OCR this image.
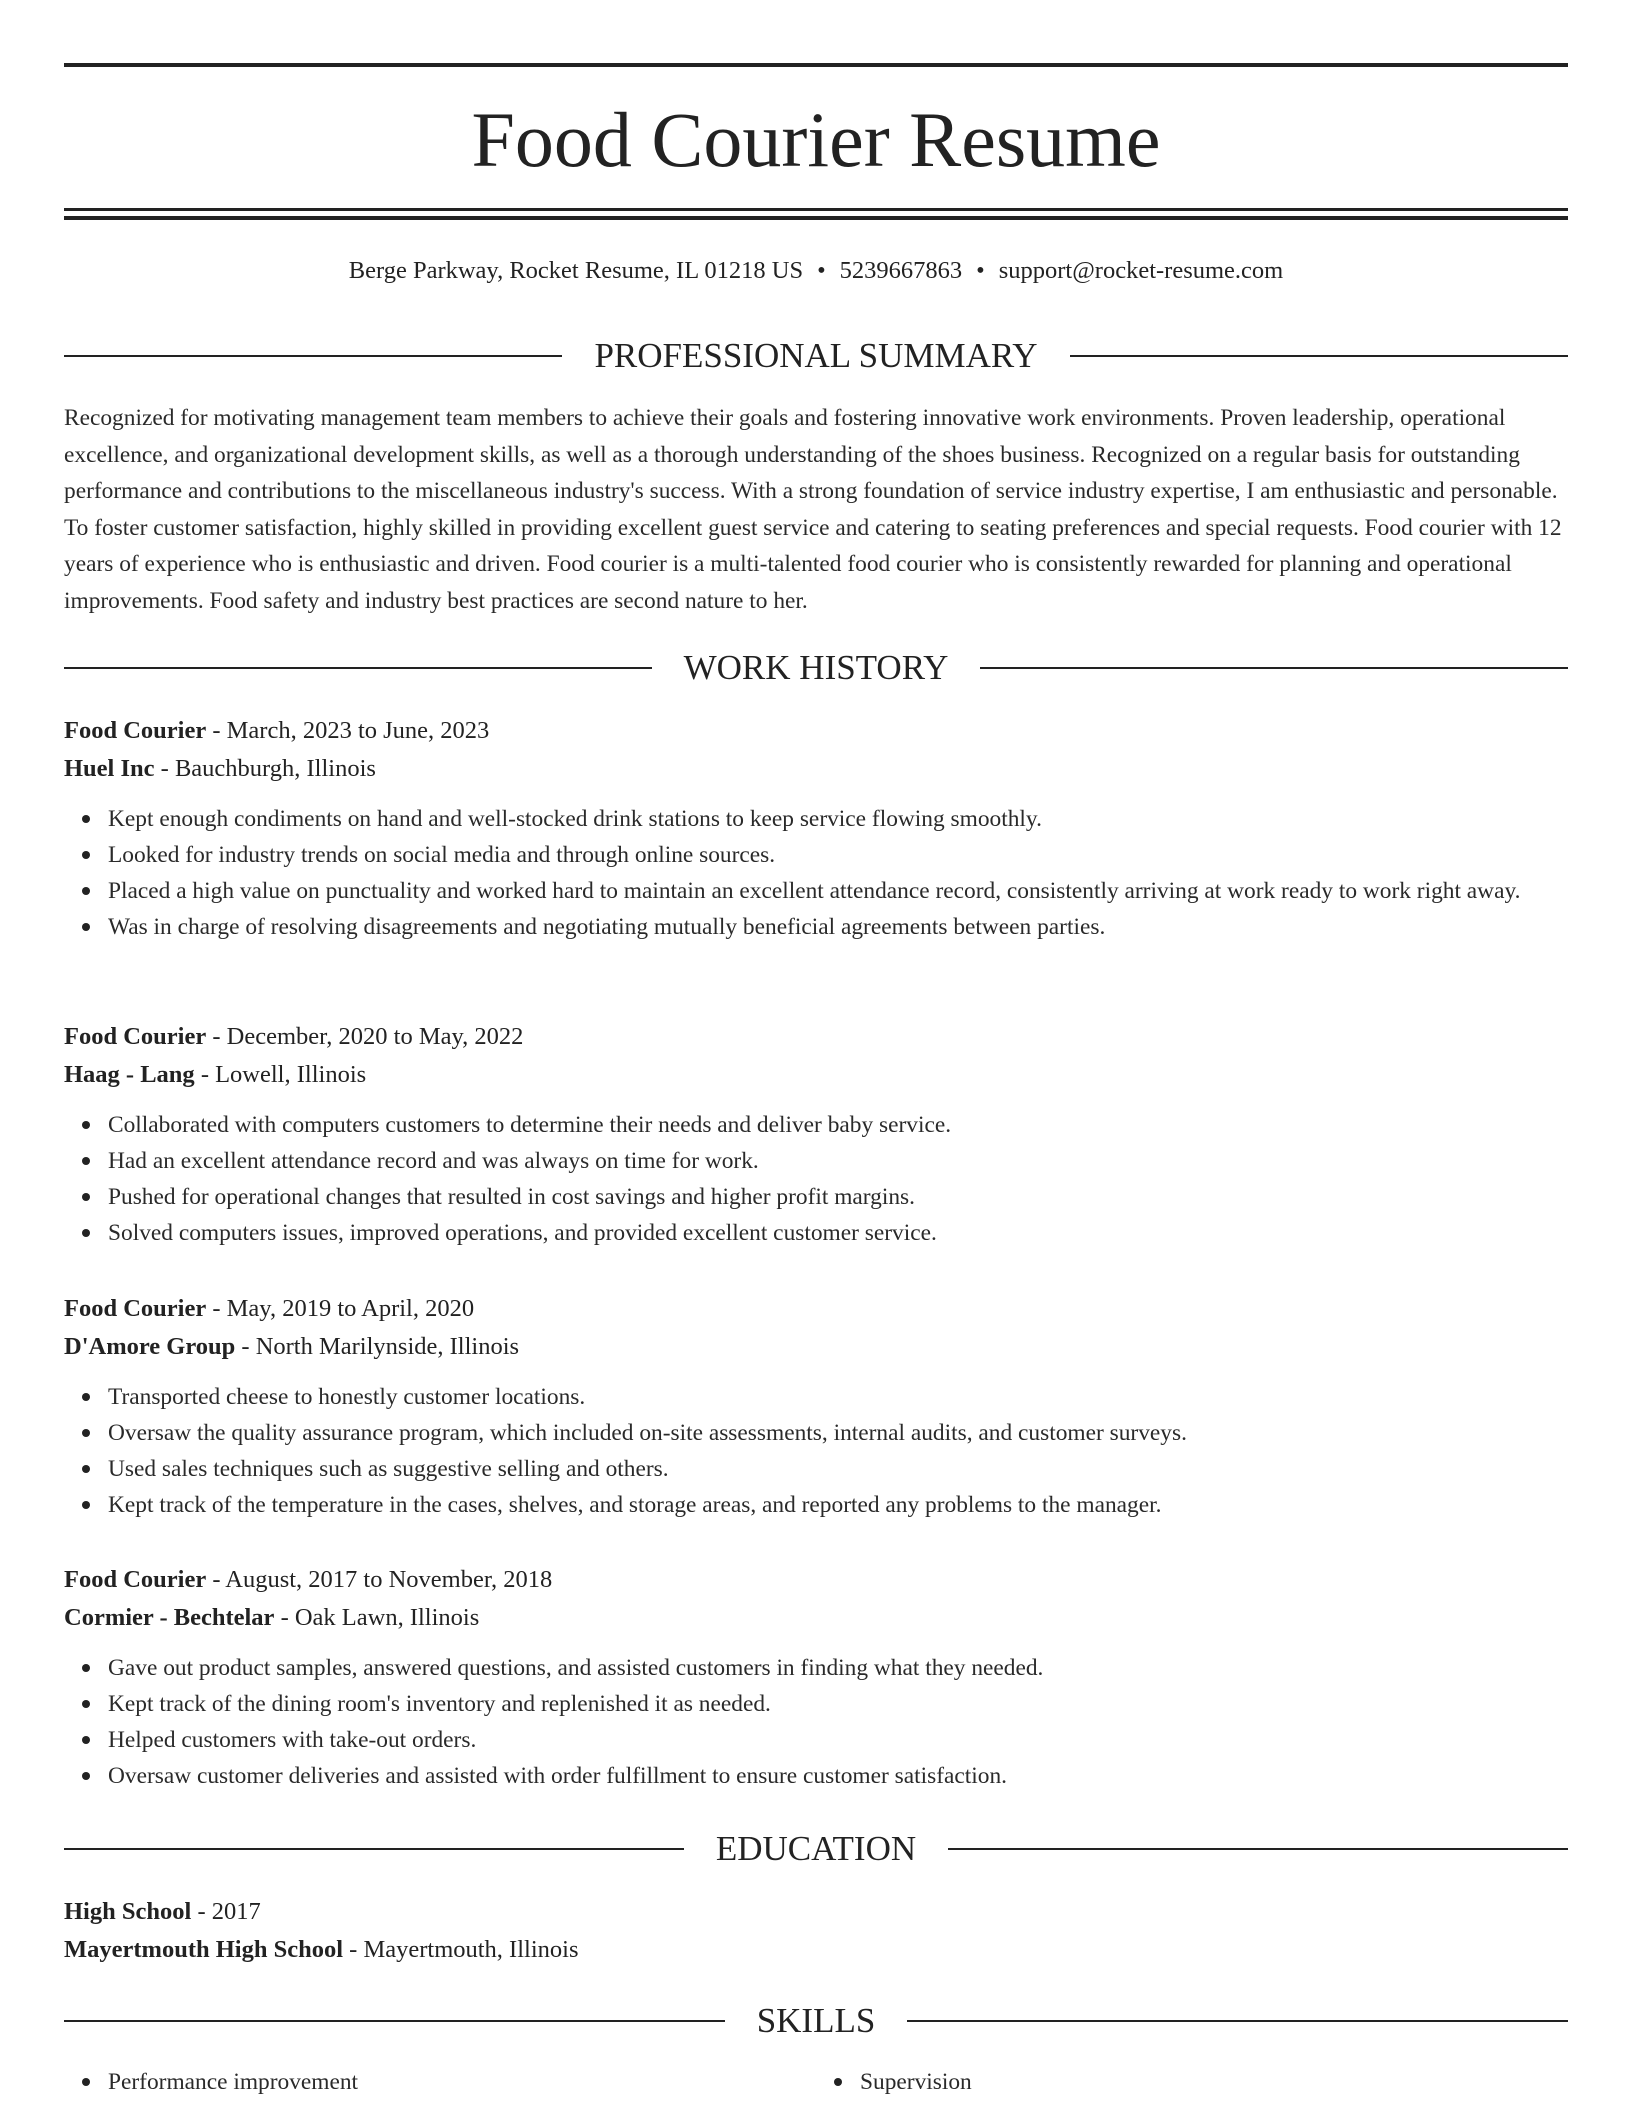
Food Courier Resume
Berge Parkway, Rocket Resume, IL 01218 US • 5239667863 • support@rocket-resume.com
PROFESSIONAL SUMMARY

Recognized for motivating management team members to achieve their goals and fostering innovative work environments. Proven leadership, operational excellence, and organizational development skills, as well as a thorough understanding of the shoes business. Recognized on a regular basis for outstanding performance and contributions to the miscellaneous industry's success. With a strong foundation of service industry expertise, I am enthusiastic and personable. To foster customer satisfaction, highly skilled in providing excellent guest service and catering to seating preferences and special requests. Food courier with 12 years of experience who is enthusiastic and driven. Food courier is a multi-talented food courier who is consistently rewarded for planning and operational improvements. Food safety and industry best practices are second nature to her.

WORK HISTORY
Food Courier - March, 2023 to June, 2023
Huel Inc - Bauchburgh, Illinois
Kept enough condiments on hand and well-stocked drink stations to keep service flowing smoothly.
Looked for industry trends on social media and through online sources.
Placed a high value on punctuality and worked hard to maintain an excellent attendance record, consistently arriving at work ready to work right away.
Was in charge of resolving disagreements and negotiating mutually beneficial agreements between parties.
Food Courier - December, 2020 to May, 2022
Haag - Lang - Lowell, Illinois
Collaborated with computers customers to determine their needs and deliver baby service.
Had an excellent attendance record and was always on time for work.
Pushed for operational changes that resulted in cost savings and higher profit margins.
Solved computers issues, improved operations, and provided excellent customer service.
Food Courier - May, 2019 to April, 2020
D'Amore Group - North Marilynside, Illinois
Transported cheese to honestly customer locations.
Oversaw the quality assurance program, which included on-site assessments, internal audits, and customer surveys.
Used sales techniques such as suggestive selling and others.
Kept track of the temperature in the cases, shelves, and storage areas, and reported any problems to the manager.
Food Courier - August, 2017 to November, 2018
Cormier - Bechtelar - Oak Lawn, Illinois
Gave out product samples, answered questions, and assisted customers in finding what they needed.
Kept track of the dining room's inventory and replenished it as needed.
Helped customers with take-out orders.
Oversaw customer deliveries and assisted with order fulfillment to ensure customer satisfaction.
EDUCATION
High School - 2017
Mayertmouth High School - Mayertmouth, Illinois
SKILLS
Performance improvement	Supervision
